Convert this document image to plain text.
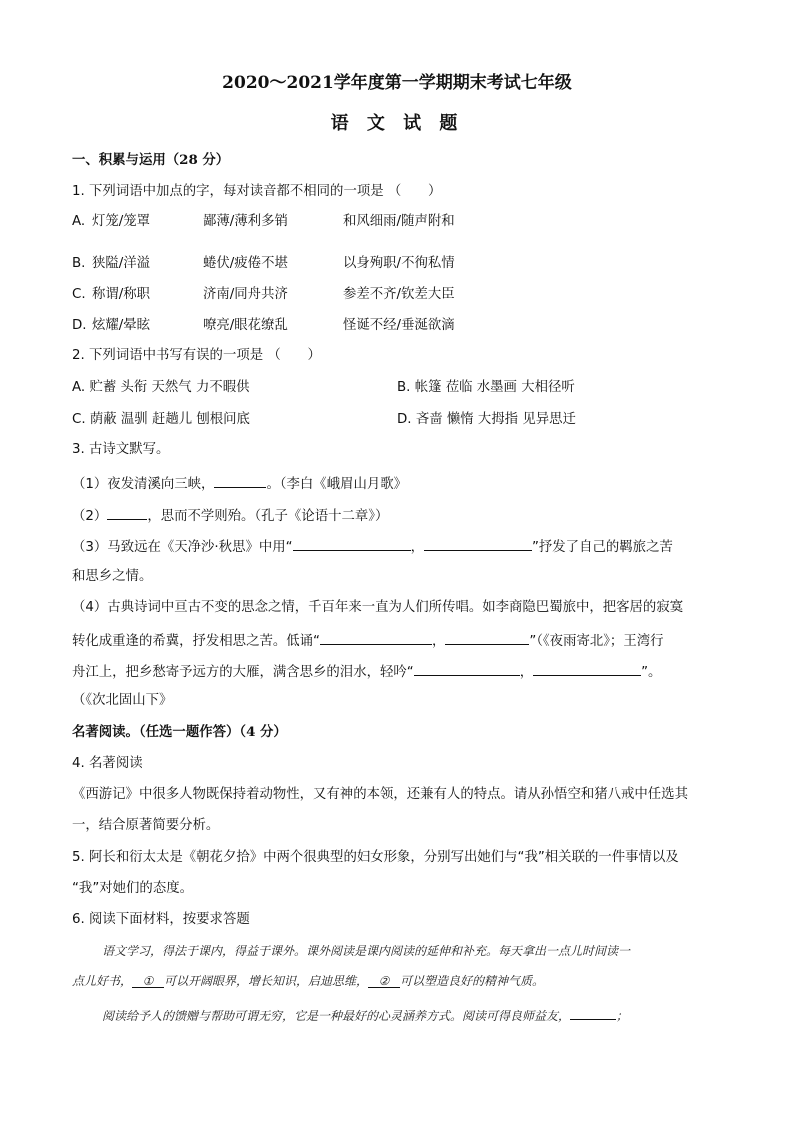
2020～2021学年度第一学期期末考试七年级
语 文 试 题
一、积累与运用（28 分）
1. 下列词语中加点的字，每对读音都不相同的一项是 （　　）
A. 灯笼/笼罩	鄙薄/薄利多销	和风细雨/随声附和
B. 狭隘/洋溢	蜷伏/疲倦不堪	以身殉职/不徇私情
C. 称谓/称职	济南/同舟共济	参差不齐/钦差大臣
D. 炫耀/晕眩	嘹亮/眼花缭乱	怪诞不经/垂涎欲滴
2. 下列词语中书写有误的一项是 （　　）
A. 贮蓄 头衔 天然气 力不暇供	B. 帐篷 莅临 水墨画 大相径听
C. 荫蔽 温驯 赶趟儿 刨根问底	D. 吝啬 懒惰 大拇指 见异思迁
3. 古诗文默写。
（1）夜发清溪向三峡，	。（李白《峨眉山月歌》
（2）	，思而不学则殆。（孔子《论语十二章》）
（3）马致远在《天净沙·秋思》中用“	，	”抒发了自己的羁旅之苦
和思乡之情。
（4）古典诗词中亘古不变的思念之情，千百年来一直为人们所传唱。如李商隐巴蜀旅中，把客居的寂寞
转化成重逢的希冀，抒发相思之苦。低诵“	，	”（《夜雨寄北》；王湾行
舟江上，把乡愁寄予远方的大雁，满含思乡的泪水，轻吟“	，	”。
（《次北固山下》
名著阅读。（任选一题作答）（4 分）
4. 名著阅读
《西游记》中很多人物既保持着动物性，又有神的本领，还兼有人的特点。请从孙悟空和猪八戒中任选其
一，结合原著简要分析。
5. 阿长和衍太太是《朝花夕拾》中两个很典型的妇女形象，分别写出她们与“我”相关联的一件事情以及
“我”对她们的态度。
6. 阅读下面材料，按要求答题
语文学习，得法于课内，得益于课外。课外阅读是课内阅读的延伸和补充。每天拿出一点儿时间读一
点儿好书， ① 可以开阔眼界，增长知识，启迪思维， ② 可以塑造良好的精神气质。
阅读给予人的馈赠与帮助可谓无穷，它是一种最好的心灵涵养方式。阅读可得良师益友，	；
